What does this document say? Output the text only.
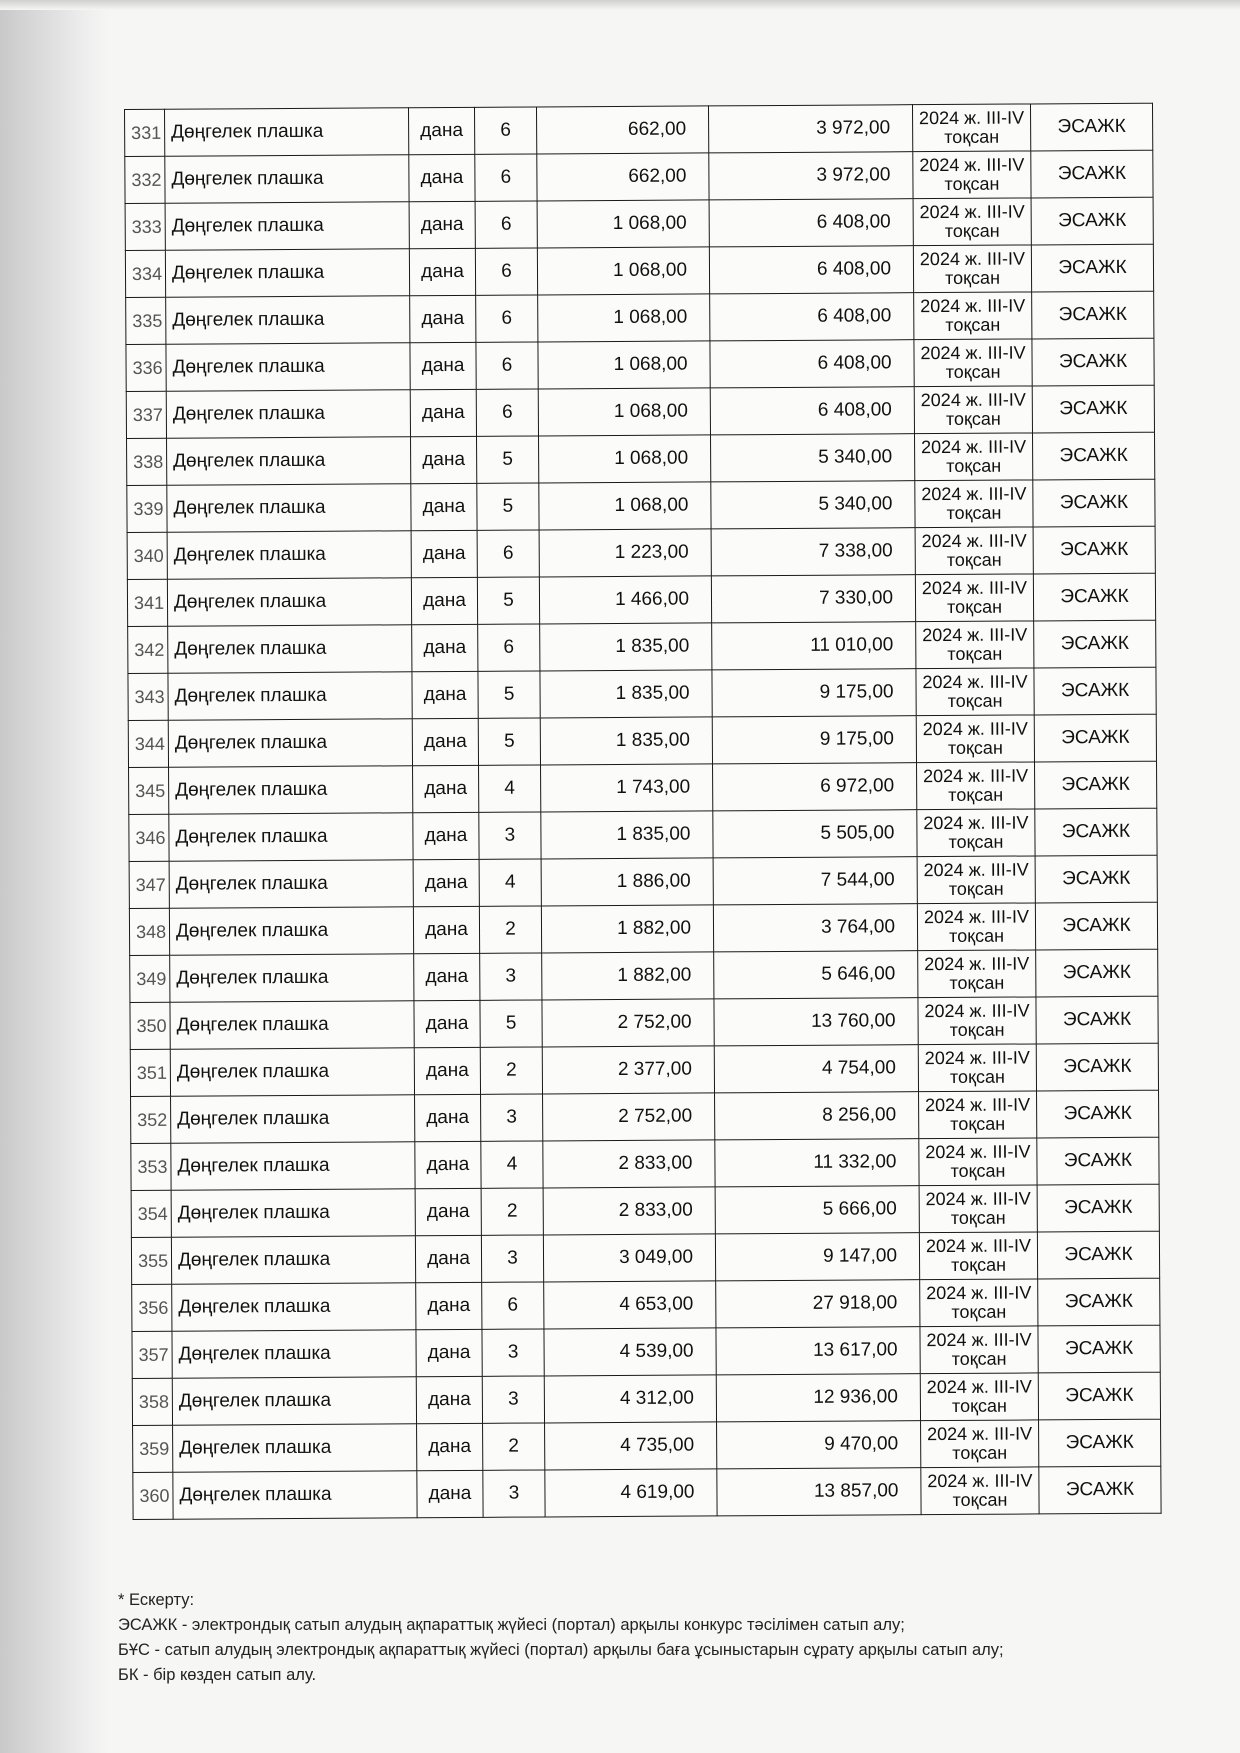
331	Дөңгелек плашка	дана	6	662,00	3 972,00	2024 ж. III-IV тоқсан	ЭСАЖК
332	Дөңгелек плашка	дана	6	662,00	3 972,00	2024 ж. III-IV тоқсан	ЭСАЖК
333	Дөңгелек плашка	дана	6	1 068,00	6 408,00	2024 ж. III-IV тоқсан	ЭСАЖК
334	Дөңгелек плашка	дана	6	1 068,00	6 408,00	2024 ж. III-IV тоқсан	ЭСАЖК
335	Дөңгелек плашка	дана	6	1 068,00	6 408,00	2024 ж. III-IV тоқсан	ЭСАЖК
336	Дөңгелек плашка	дана	6	1 068,00	6 408,00	2024 ж. III-IV тоқсан	ЭСАЖК
337	Дөңгелек плашка	дана	6	1 068,00	6 408,00	2024 ж. III-IV тоқсан	ЭСАЖК
338	Дөңгелек плашка	дана	5	1 068,00	5 340,00	2024 ж. III-IV тоқсан	ЭСАЖК
339	Дөңгелек плашка	дана	5	1 068,00	5 340,00	2024 ж. III-IV тоқсан	ЭСАЖК
340	Дөңгелек плашка	дана	6	1 223,00	7 338,00	2024 ж. III-IV тоқсан	ЭСАЖК
341	Дөңгелек плашка	дана	5	1 466,00	7 330,00	2024 ж. III-IV тоқсан	ЭСАЖК
342	Дөңгелек плашка	дана	6	1 835,00	11 010,00	2024 ж. III-IV тоқсан	ЭСАЖК
343	Дөңгелек плашка	дана	5	1 835,00	9 175,00	2024 ж. III-IV тоқсан	ЭСАЖК
344	Дөңгелек плашка	дана	5	1 835,00	9 175,00	2024 ж. III-IV тоқсан	ЭСАЖК
345	Дөңгелек плашка	дана	4	1 743,00	6 972,00	2024 ж. III-IV тоқсан	ЭСАЖК
346	Дөңгелек плашка	дана	3	1 835,00	5 505,00	2024 ж. III-IV тоқсан	ЭСАЖК
347	Дөңгелек плашка	дана	4	1 886,00	7 544,00	2024 ж. III-IV тоқсан	ЭСАЖК
348	Дөңгелек плашка	дана	2	1 882,00	3 764,00	2024 ж. III-IV тоқсан	ЭСАЖК
349	Дөңгелек плашка	дана	3	1 882,00	5 646,00	2024 ж. III-IV тоқсан	ЭСАЖК
350	Дөңгелек плашка	дана	5	2 752,00	13 760,00	2024 ж. III-IV тоқсан	ЭСАЖК
351	Дөңгелек плашка	дана	2	2 377,00	4 754,00	2024 ж. III-IV тоқсан	ЭСАЖК
352	Дөңгелек плашка	дана	3	2 752,00	8 256,00	2024 ж. III-IV тоқсан	ЭСАЖК
353	Дөңгелек плашка	дана	4	2 833,00	11 332,00	2024 ж. III-IV тоқсан	ЭСАЖК
354	Дөңгелек плашка	дана	2	2 833,00	5 666,00	2024 ж. III-IV тоқсан	ЭСАЖК
355	Дөңгелек плашка	дана	3	3 049,00	9 147,00	2024 ж. III-IV тоқсан	ЭСАЖК
356	Дөңгелек плашка	дана	6	4 653,00	27 918,00	2024 ж. III-IV тоқсан	ЭСАЖК
357	Дөңгелек плашка	дана	3	4 539,00	13 617,00	2024 ж. III-IV тоқсан	ЭСАЖК
358	Дөңгелек плашка	дана	3	4 312,00	12 936,00	2024 ж. III-IV тоқсан	ЭСАЖК
359	Дөңгелек плашка	дана	2	4 735,00	9 470,00	2024 ж. III-IV тоқсан	ЭСАЖК
360	Дөңгелек плашка	дана	3	4 619,00	13 857,00	2024 ж. III-IV тоқсан	ЭСАЖК
* Ескерту:
ЭСАЖК - электрондық сатып алудың ақпараттық жүйесі (портал) арқылы конкурс тәсілімен сатып алу;
БҰС - сатып алудың электрондық ақпараттық жүйесі (портал) арқылы баға ұсыныстарын сұрату арқылы сатып алу;
БК - бір көзден сатып алу.
